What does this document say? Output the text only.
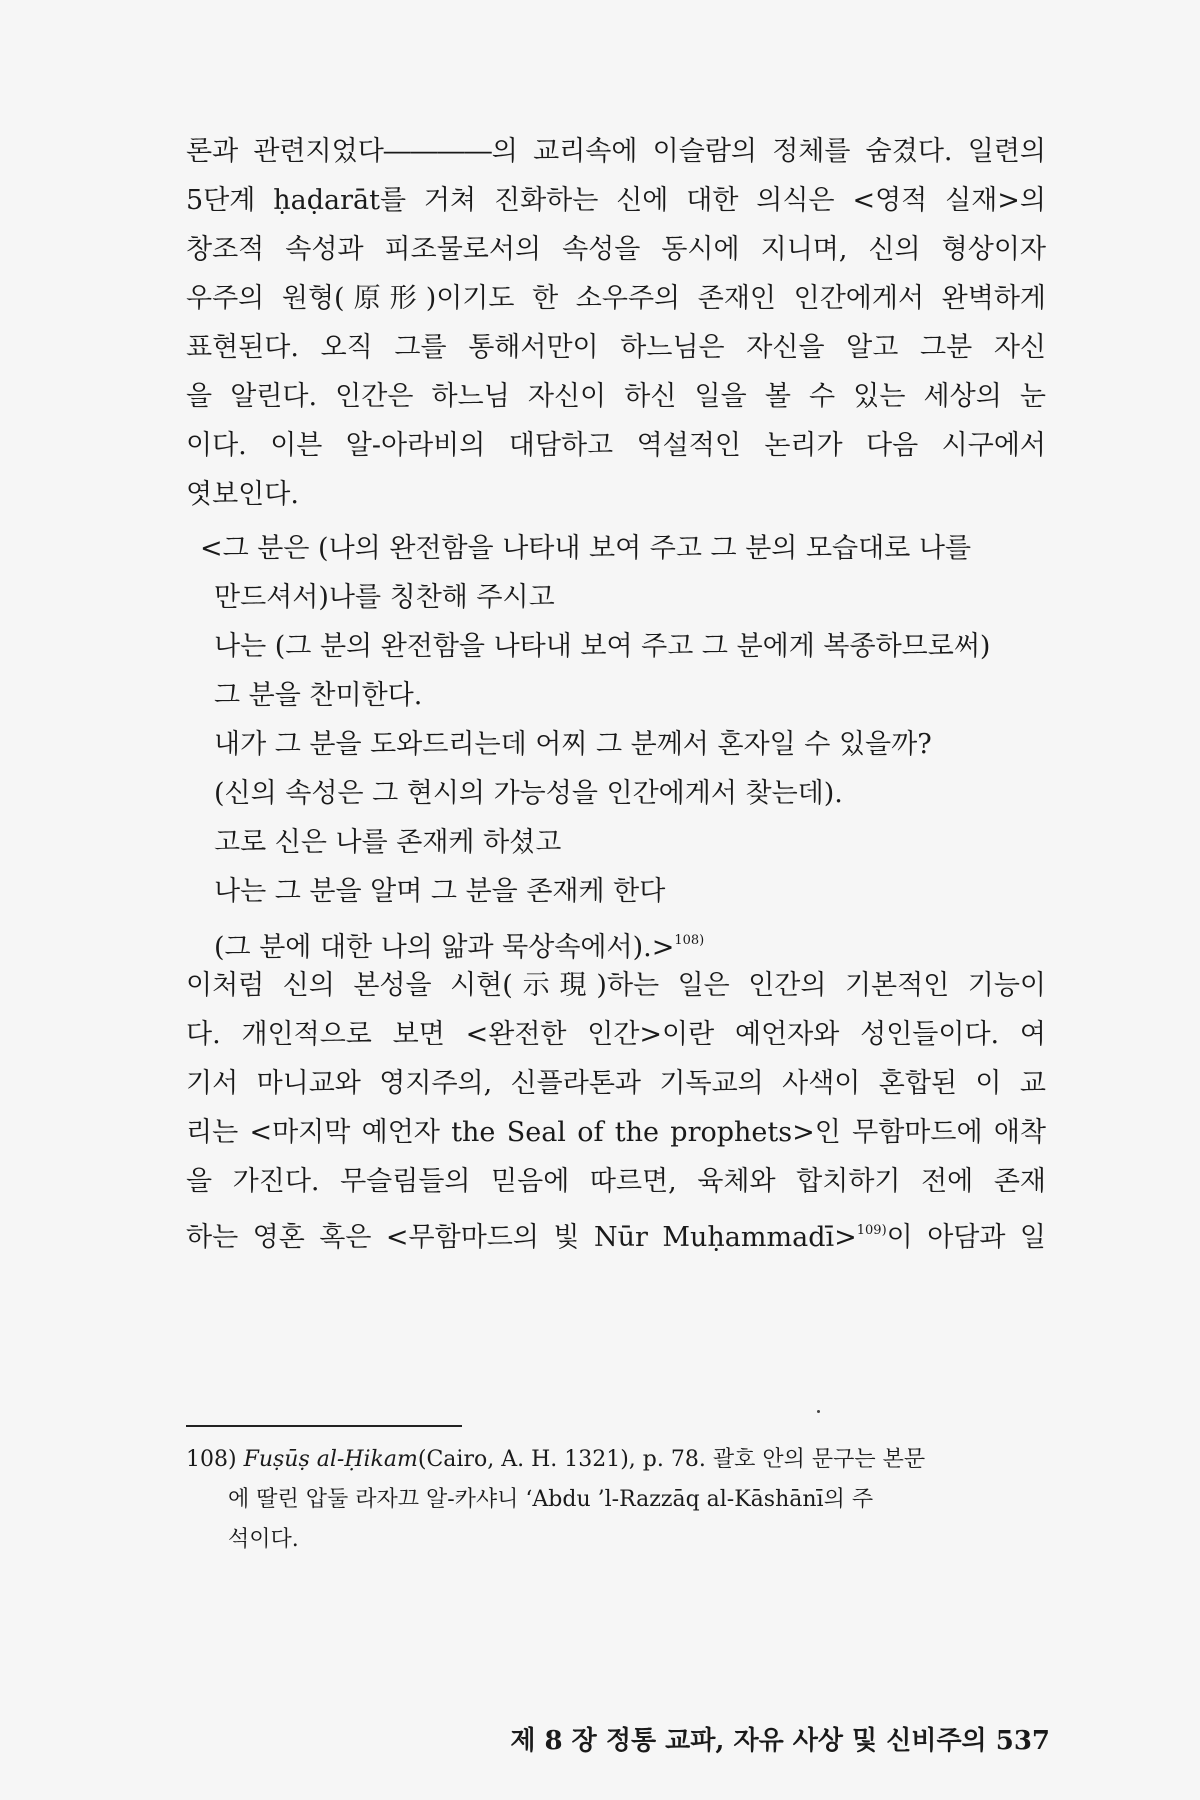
론과 관련지었다――――의 교리속에 이슬람의 정체를 숨겼다. 일련의
5단계 ḥaḍarāt를 거쳐 진화하는 신에 대한 의식은 <영적 실재>의
창조적 속성과 피조물로서의 속성을 동시에 지니며, 신의 형상이자
우주의 원형(原形)이기도 한 소우주의 존재인 인간에게서 완벽하게
표현된다. 오직 그를 통해서만이 하느님은 자신을 알고 그분 자신
을 알린다. 인간은 하느님 자신이 하신 일을 볼 수 있는 세상의 눈
이다. 이븐 알-아라비의 대담하고 역설적인 논리가 다음 시구에서
엿보인다.
<그 분은 (나의 완전함을 나타내 보여 주고 그 분의 모습대로 나를
만드셔서)나를 칭찬해 주시고
나는 (그 분의 완전함을 나타내 보여 주고 그 분에게 복종하므로써)
그 분을 찬미한다.
내가 그 분을 도와드리는데 어찌 그 분께서 혼자일 수 있을까?
(신의 속성은 그 현시의 가능성을 인간에게서 찾는데).
고로 신은 나를 존재케 하셨고
나는 그 분을 알며 그 분을 존재케 한다
(그 분에 대한 나의 앎과 묵상속에서).>$^{108)}$
이처럼 신의 본성을 시현(示現)하는 일은 인간의 기본적인 기능이
다. 개인적으로 보면 <완전한 인간>이란 예언자와 성인들이다. 여
기서 마니교와 영지주의, 신플라톤과 기독교의 사색이 혼합된 이 교
리는 <마지막 예언자 the Seal of the prophets>인 무함마드에 애착
을 가진다. 무슬림들의 믿음에 따르면, 육체와 합치하기 전에 존재
하는 영혼 혹은 <무함마드의 빛 Nūr Muḥammadī>$^{109)}$이 아담과 일
108) Fuṣūṣ al-Ḥikam(Cairo, A. H. 1321), p. 78. 괄호 안의 문구는 본문
에 딸린 압둘 라자끄 알-카샤니 ‘Abdu ’l-Razzāq al-Kāshānī의 주
석이다.
제 8 장 정통 교파, 자유 사상 및 신비주의 537
